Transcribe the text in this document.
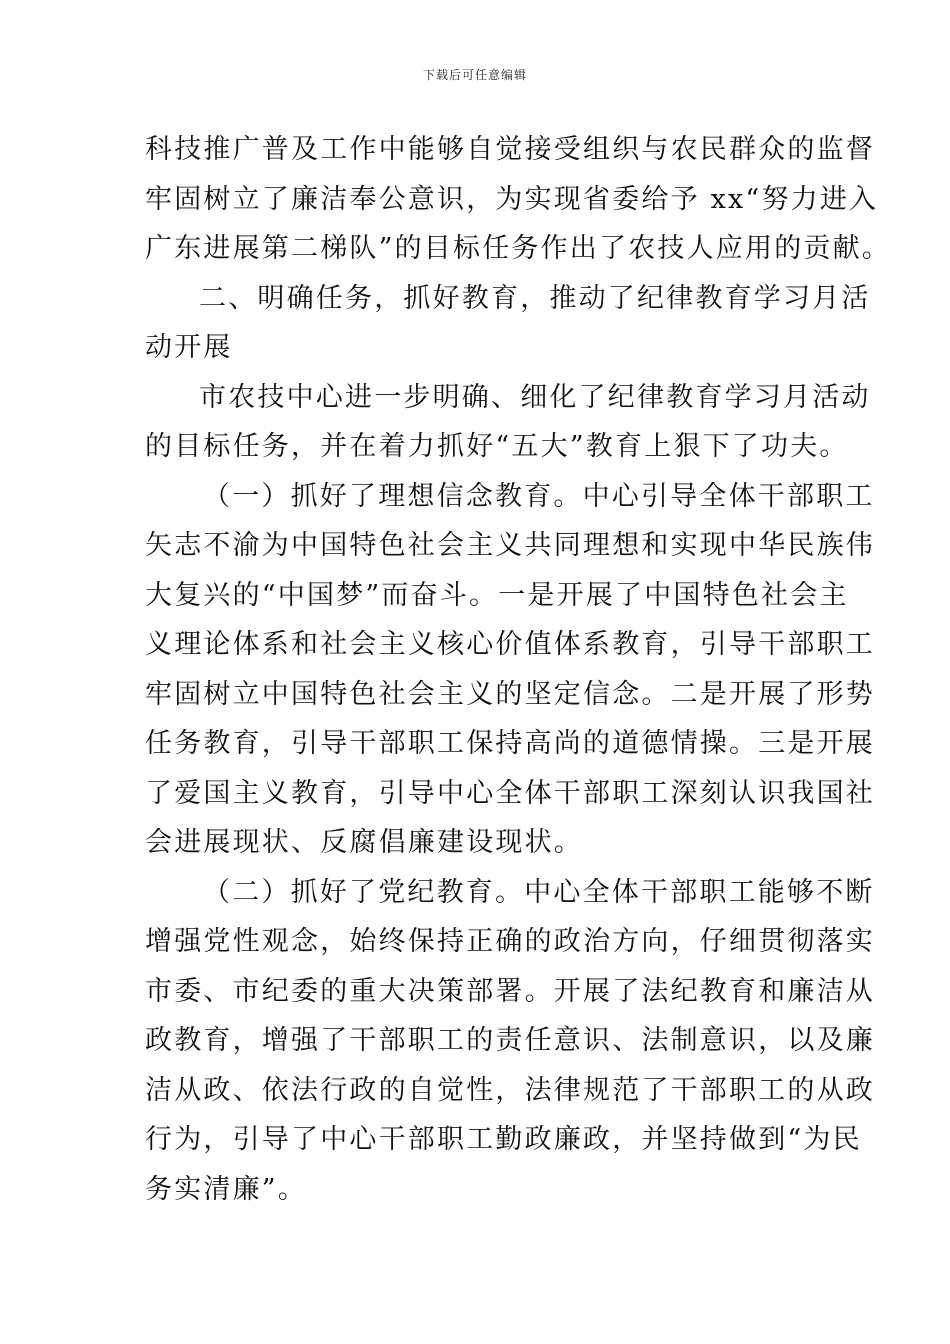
下载后可任意编辑
科技推广普及工作中能够自觉接受组织与农民群众的监督
牢固树立了廉洁奉公意识，为实现省委给予 xx“努力进入
广东进展第二梯队”的目标任务作出了农技人应用的贡献。
二、明确任务，抓好教育，推动了纪律教育学习月活
动开展
市农技中心进一步明确、细化了纪律教育学习月活动
的目标任务，并在着力抓好“五大”教育上狠下了功夫。
（一）抓好了理想信念教育。中心引导全体干部职工
矢志不渝为中国特色社会主义共同理想和实现中华民族伟
大复兴的“中国梦”而奋斗。一是开展了中国特色社会主
义理论体系和社会主义核心价值体系教育，引导干部职工
牢固树立中国特色社会主义的坚定信念。二是开展了形势
任务教育，引导干部职工保持高尚的道德情操。三是开展
了爱国主义教育，引导中心全体干部职工深刻认识我国社
会进展现状、反腐倡廉建设现状。
（二）抓好了党纪教育。中心全体干部职工能够不断
增强党性观念，始终保持正确的政治方向，仔细贯彻落实
市委、市纪委的重大决策部署。开展了法纪教育和廉洁从
政教育，增强了干部职工的责任意识、法制意识，以及廉
洁从政、依法行政的自觉性，法律规范了干部职工的从政
行为，引导了中心干部职工勤政廉政，并坚持做到“为民
务实清廉”。
